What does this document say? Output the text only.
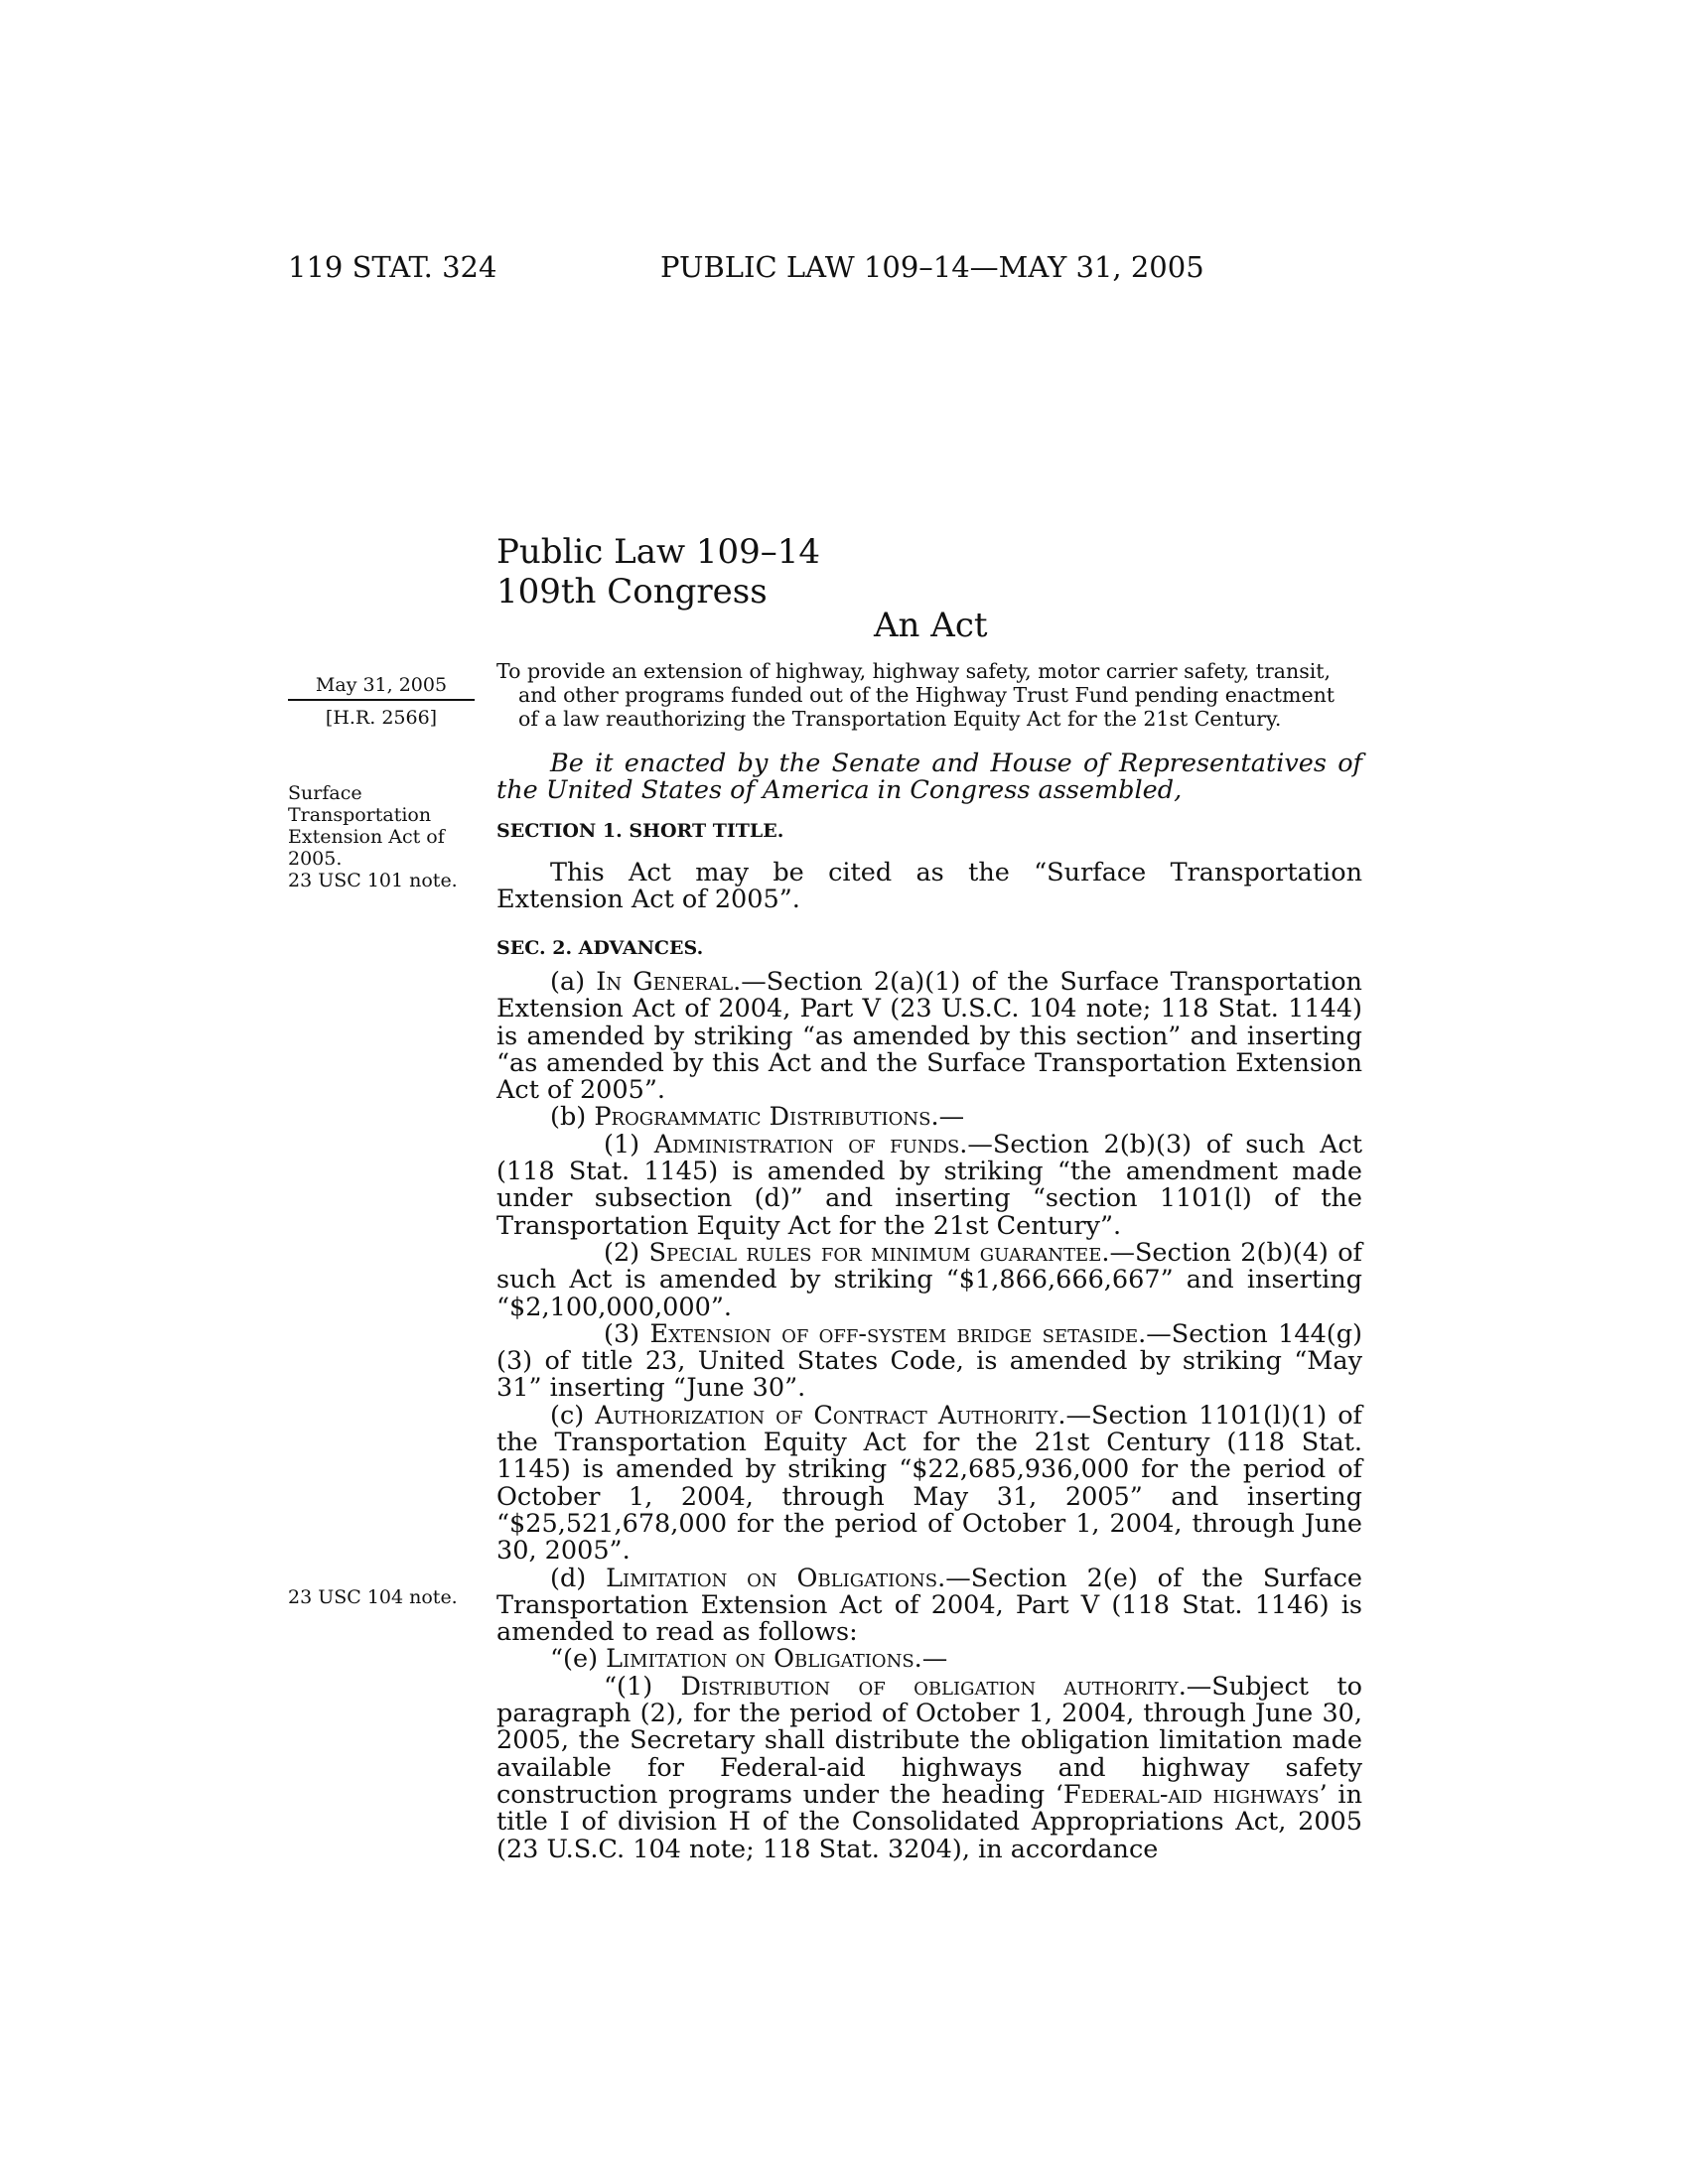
119 STAT. 324	PUBLIC LAW 109–14—MAY 31, 2005
Public Law 109–14
109th Congress
An Act
May 31, 2005
[H.R. 2566]
Surface Transportation Extension Act of 2005.
23 USC 101 note.
23 USC 104 note.

To provide an extension of highway, highway safety, motor carrier safety, transit,

and other programs funded out of the Highway Trust Fund pending enactment

of a law reauthorizing the Transportation Equity Act for the 21st Century.

Be it enacted by the Senate and House of Representatives of the United States of America in Congress assembled,

SECTION 1. SHORT TITLE.

This Act may be cited as the “Surface Transportation Extension Act of 2005”.

SEC. 2. ADVANCES.

(a) In General.—Section 2(a)(1) of the Surface Transportation Extension Act of 2004, Part V (23 U.S.C. 104 note; 118 Stat. 1144) is amended by striking “as amended by this section” and inserting “as amended by this Act and the Surface Transportation Extension Act of 2005”.

(b) Programmatic Distributions.—

(1) Administration of funds.—Section 2(b)(3) of such Act (118 Stat. 1145) is amended by striking “the amendment made under subsection (d)” and inserting “section 1101(l) of the Transportation Equity Act for the 21st Century”.

(2) Special rules for minimum guarantee.—Section 2(b)(4) of such Act is amended by striking “$1,866,666,667” and inserting “$2,100,000,000”.

(3) Extension of off-system bridge setaside.—Section 144(g)(3) of title 23, United States Code, is amended by striking “May 31” inserting “June 30”.

(c) Authorization of Contract Authority.—Section 1101(l)(1) of the Transportation Equity Act for the 21st Century (118 Stat. 1145) is amended by striking “$22,685,936,000 for the period of October 1, 2004, through May 31, 2005” and inserting “$25,521,678,000 for the period of October 1, 2004, through June 30, 2005”.

(d) Limitation on Obligations.—Section 2(e) of the Surface Transportation Extension Act of 2004, Part V (118 Stat. 1146) is amended to read as follows:

“(e) Limitation on Obligations.—

“(1) Distribution of obligation authority.—Subject to paragraph (2), for the period of October 1, 2004, through June 30, 2005, the Secretary shall distribute the obligation limitation made available for Federal-aid highways and highway safety construction programs under the heading ‘Federal-aid highways’ in title I of division H of the Consolidated Appropriations Act, 2005 (23 U.S.C. 104 note; 118 Stat. 3204), in accordance
